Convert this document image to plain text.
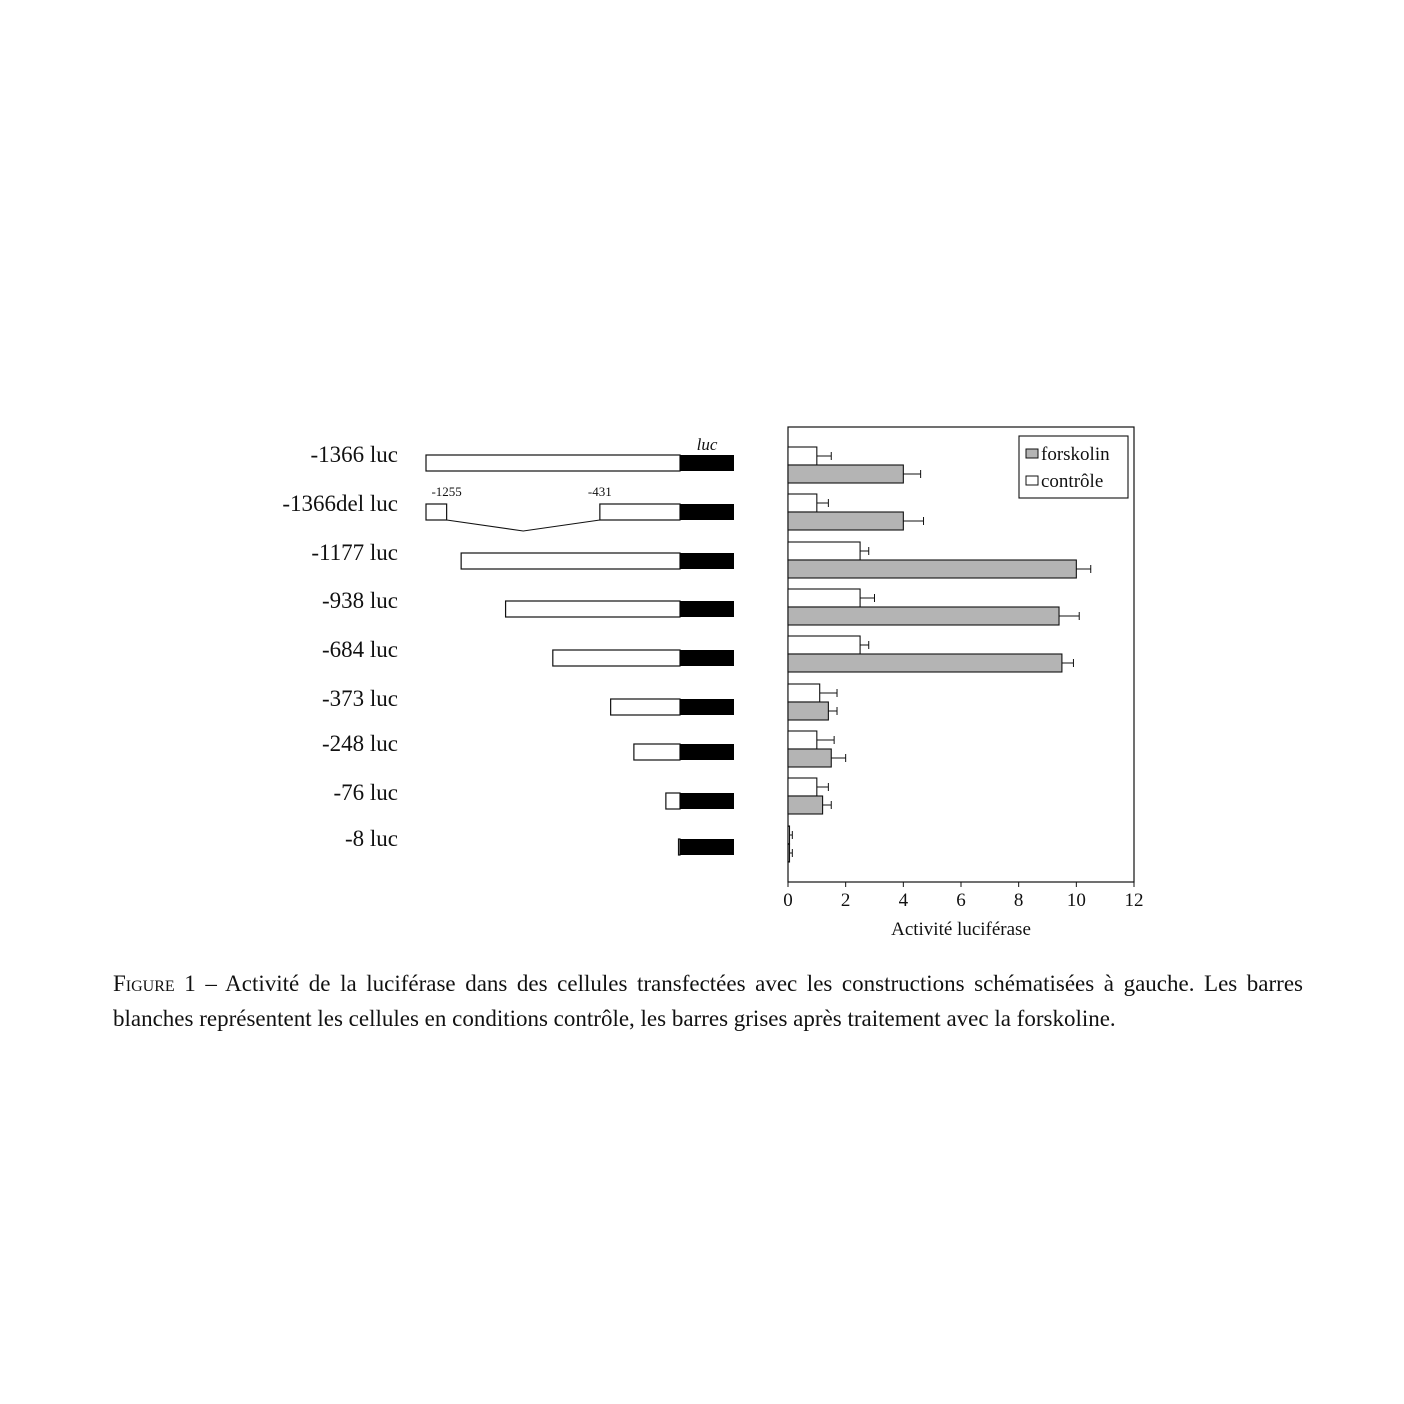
-1366 luc
-1366del luc	-1255	-431
-1177 luc
-938 luc
-684 luc
-373 luc
-248 luc
-76 luc
-8 luc
luc
0	2	4	6	8 10 12
Activité luciférase
forskolin
contrôle
Figure 1 – Activité de la luciférase dans des cellules transfectées avec les constructions schématisées à gauche. Les barres blanches représentent les cellules en conditions contrôle, les barres grises après traitement avec la forskoline.
